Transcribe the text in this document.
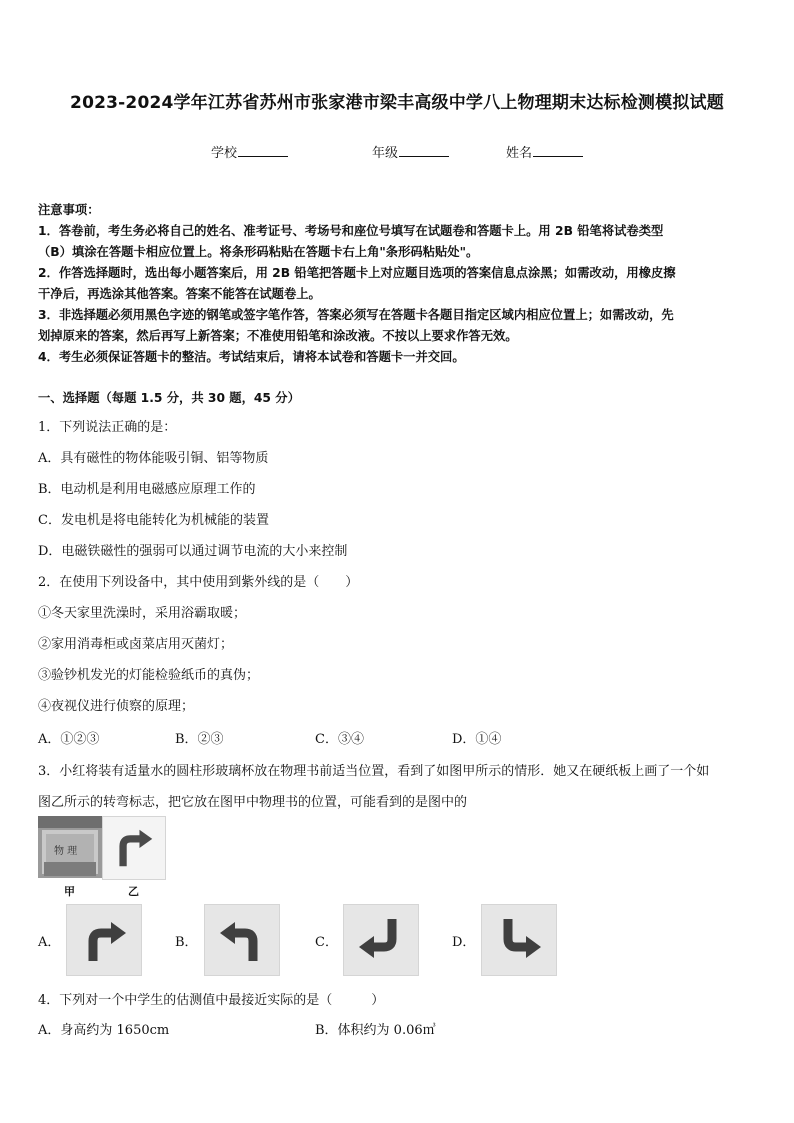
2023-2024学年江苏省苏州市张家港市梁丰高级中学八上物理期末达标检测模拟试题
学校	年级	姓名
注意事项：
1．答卷前，考生务必将自己的姓名、准考证号、考场号和座位号填写在试题卷和答题卡上。用 2B 铅笔将试卷类型
（B）填涂在答题卡相应位置上。将条形码粘贴在答题卡右上角"条形码粘贴处"。
2．作答选择题时，选出每小题答案后，用 2B 铅笔把答题卡上对应题目选项的答案信息点涂黑；如需改动，用橡皮擦
干净后，再选涂其他答案。答案不能答在试题卷上。
3．非选择题必须用黑色字迹的钢笔或签字笔作答，答案必须写在答题卡各题目指定区域内相应位置上；如需改动，先
划掉原来的答案，然后再写上新答案；不准使用铅笔和涂改液。不按以上要求作答无效。
4．考生必须保证答题卡的整洁。考试结束后，请将本试卷和答题卡一并交回。
一、选择题（每题 1.5 分，共 30 题，45 分）
1．下列说法正确的是：
A．具有磁性的物体能吸引铜、铝等物质
B．电动机是利用电磁感应原理工作的
C．发电机是将电能转化为机械能的装置
D．电磁铁磁性的强弱可以通过调节电流的大小来控制
2．在使用下列设备中，其中使用到紫外线的是（　　）
①冬天家里洗澡时，采用浴霸取暖；
②家用消毒柜或卤菜店用灭菌灯；
③验钞机发光的灯能检验纸币的真伪；
④夜视仪进行侦察的原理；
A．①②③	B．②③	C．③④	D．①④
3．小红将装有适量水的圆柱形玻璃杯放在物理书前适当位置，看到了如图甲所示的情形．她又在硬纸板上画了一个如
图乙所示的转弯标志，把它放在图甲中物理书的位置，可能看到的是图中的
物 理
甲	乙
A．	B．	C．	D．
4．下列对一个中学生的估测值中最接近实际的是（　　　）
A．身高约为 1650cm	B．体积约为 0.06㎥
